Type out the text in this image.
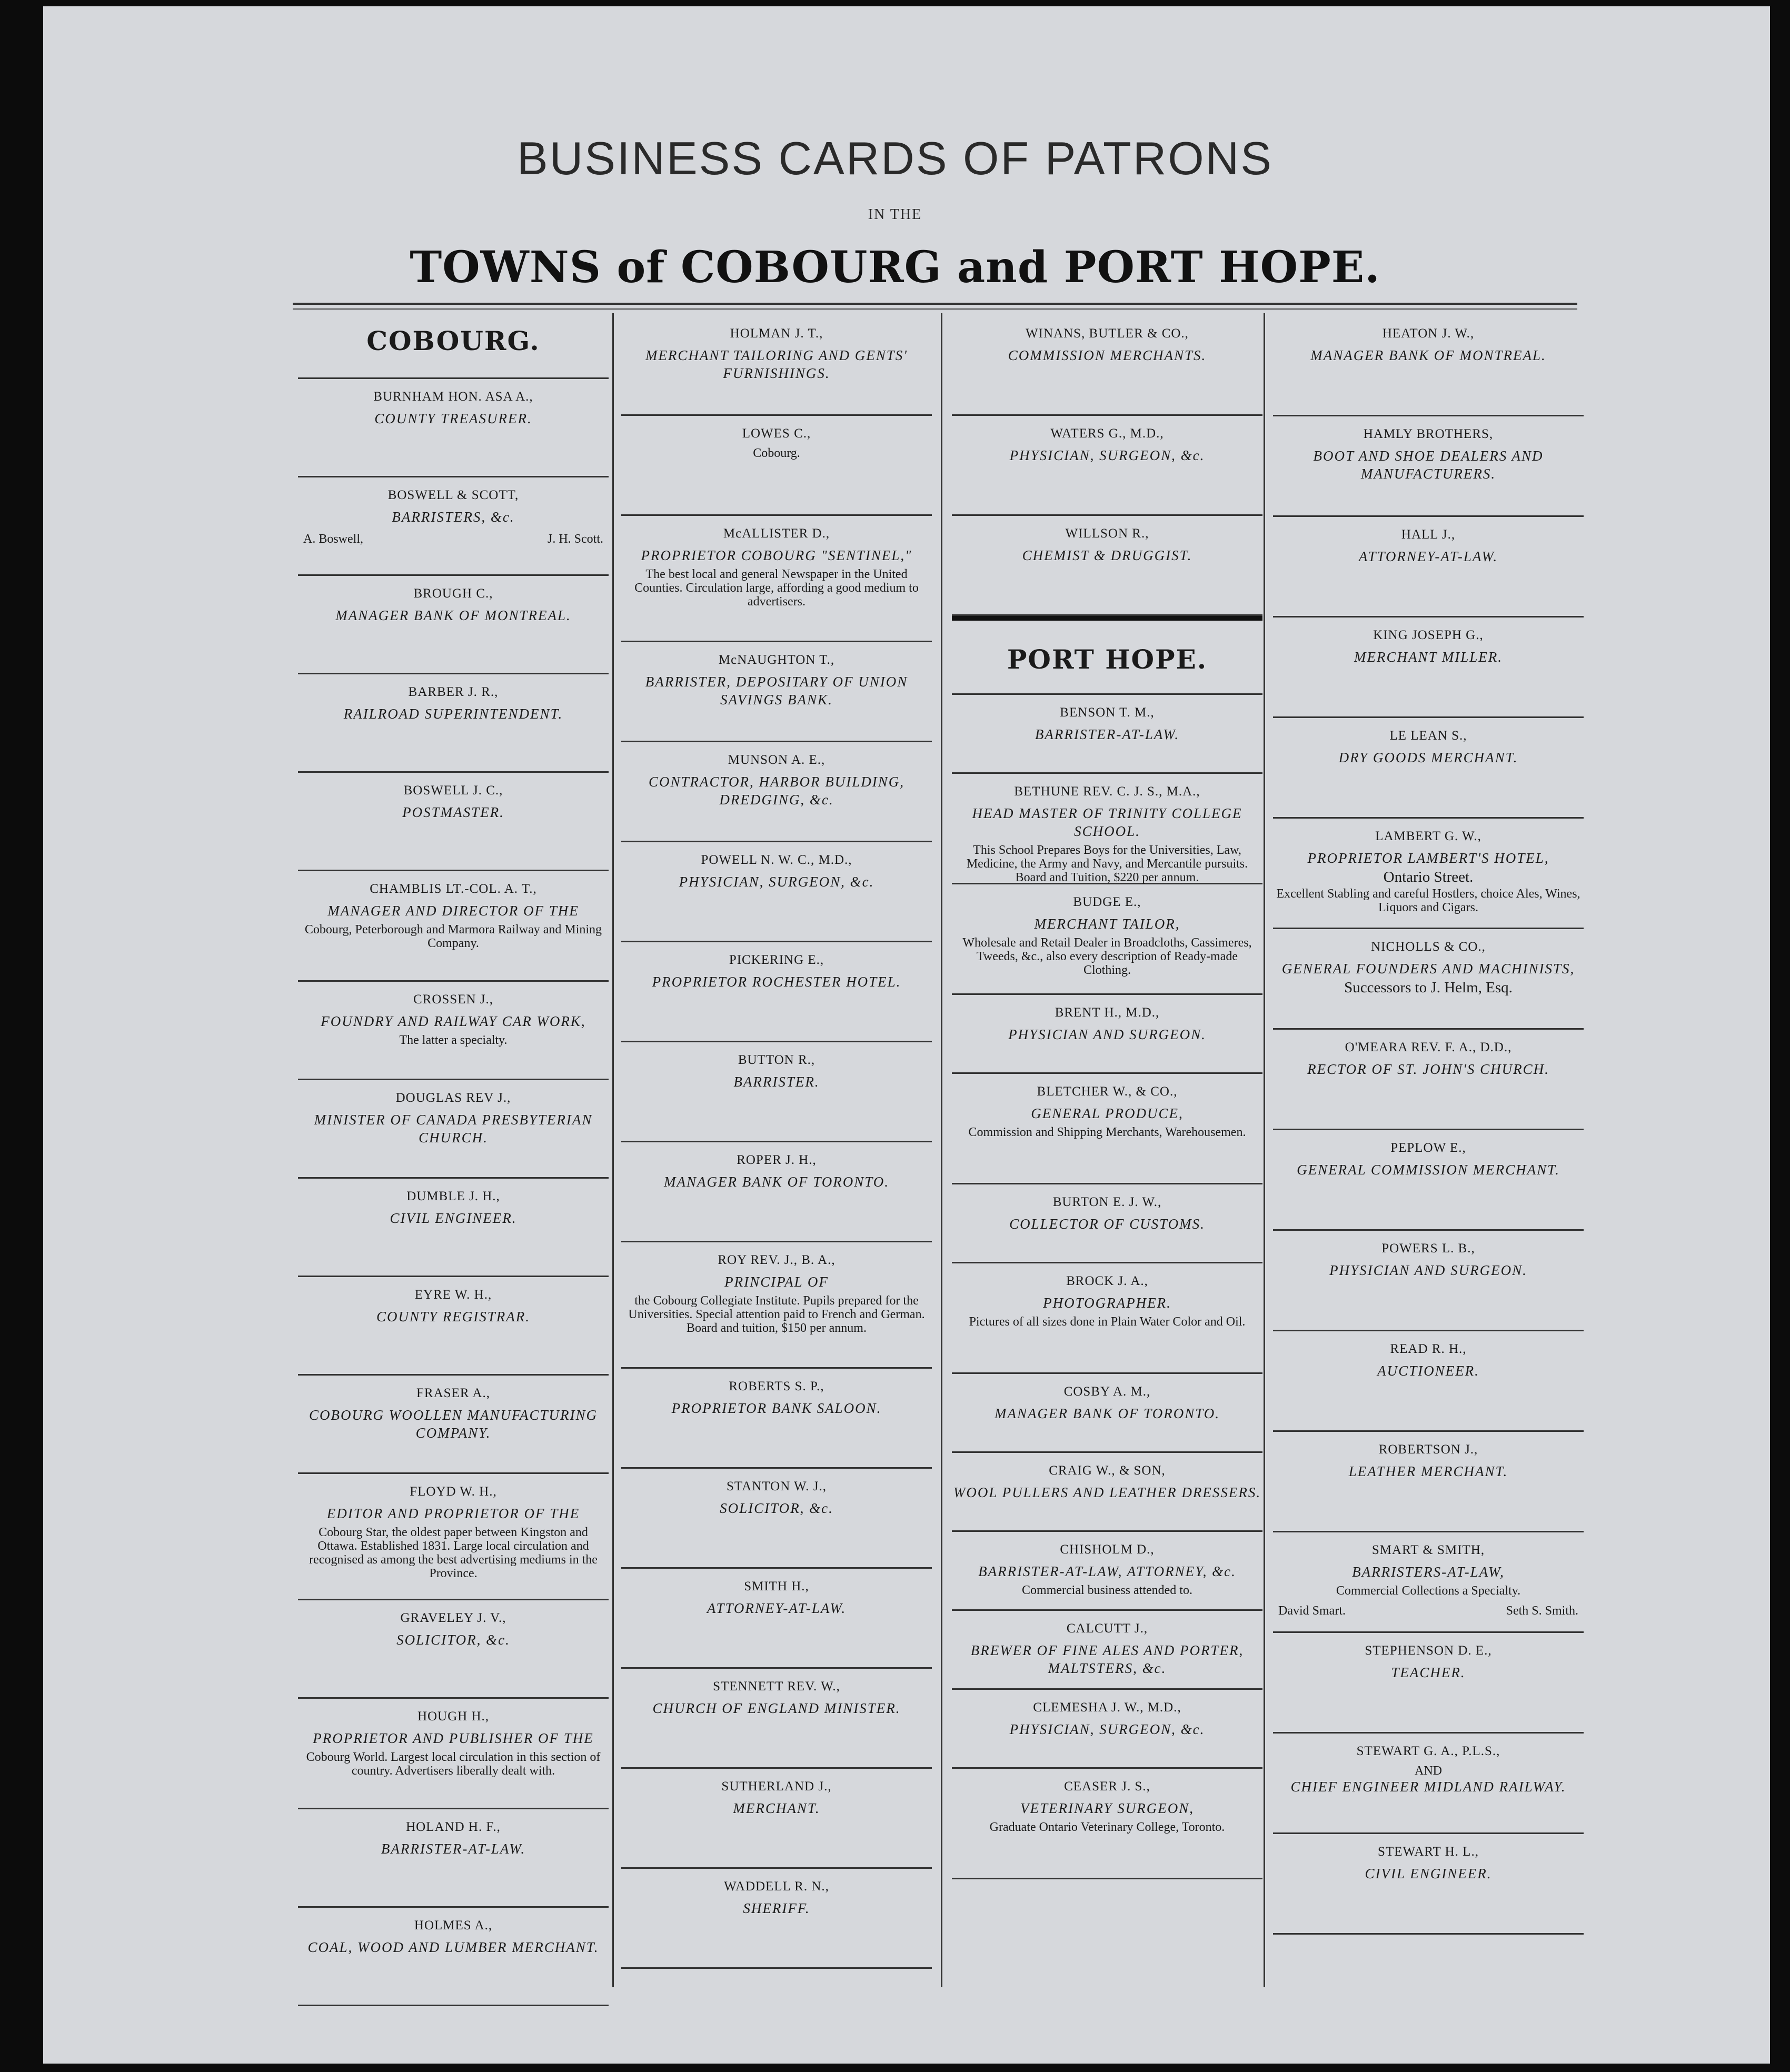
BUSINESS CARDS OF PATRONS
IN THE
TOWNS of COBOURG and PORT HOPE.
COBOURG.
BURNHAM HON. ASA A.,
COUNTY TREASURER.
BOSWELL & SCOTT,
BARRISTERS, &c.
A. Boswell,	J. H. Scott.
BROUGH C.,
MANAGER BANK OF MONTREAL.
BARBER J. R.,
RAILROAD SUPERINTENDENT.
BOSWELL J. C.,
POSTMASTER.
CHAMBLIS LT.-COL. A. T.,
MANAGER AND DIRECTOR OF THE
Cobourg, Peterborough and Marmora Railway and Mining Company.
CROSSEN J.,
FOUNDRY AND RAILWAY CAR WORK,
The latter a specialty.
DOUGLAS REV J.,
MINISTER OF CANADA PRESBYTERIAN CHURCH.
DUMBLE J. H.,
CIVIL ENGINEER.
EYRE W. H.,
COUNTY REGISTRAR.
FRASER A.,
COBOURG WOOLLEN MANUFACTURING COMPANY.
FLOYD W. H.,
EDITOR AND PROPRIETOR OF THE
Cobourg Star, the oldest paper between Kingston and Ottawa. Established 1831. Large local circulation and recognised as among the best advertising mediums in the Province.
GRAVELEY J. V.,
SOLICITOR, &c.
HOUGH H.,
PROPRIETOR AND PUBLISHER OF THE
Cobourg World. Largest local circulation in this section of country. Advertisers liberally dealt with.
HOLAND H. F.,
BARRISTER-AT-LAW.
HOLMES A.,
COAL, WOOD AND LUMBER MERCHANT.
HOLMAN J. T.,
MERCHANT TAILORING AND GENTS' FURNISHINGS.
LOWES C.,
Cobourg.
McALLISTER D.,
PROPRIETOR COBOURG "SENTINEL,"
The best local and general Newspaper in the United Counties. Circulation large, affording a good medium to advertisers.
McNAUGHTON T.,
BARRISTER, DEPOSITARY OF UNION SAVINGS BANK.
MUNSON A. E.,
CONTRACTOR, HARBOR BUILDING, DREDGING, &c.
POWELL N. W. C., M.D.,
PHYSICIAN, SURGEON, &c.
PICKERING E.,
PROPRIETOR ROCHESTER HOTEL.
BUTTON R.,
BARRISTER.
ROPER J. H.,
MANAGER BANK OF TORONTO.
ROY REV. J., B. A.,
PRINCIPAL OF
the Cobourg Collegiate Institute. Pupils prepared for the Universities. Special attention paid to French and German. Board and tuition, $150 per annum.
ROBERTS S. P.,
PROPRIETOR BANK SALOON.
STANTON W. J.,
SOLICITOR, &c.
SMITH H.,
ATTORNEY-AT-LAW.
STENNETT REV. W.,
CHURCH OF ENGLAND MINISTER.
SUTHERLAND J.,
MERCHANT.
WADDELL R. N.,
SHERIFF.
WINANS, BUTLER & CO.,
COMMISSION MERCHANTS.
WATERS G., M.D.,
PHYSICIAN, SURGEON, &c.
WILLSON R.,
CHEMIST & DRUGGIST.
PORT HOPE.
BENSON T. M.,
BARRISTER-AT-LAW.
BETHUNE REV. C. J. S., M.A.,
HEAD MASTER OF TRINITY COLLEGE SCHOOL.
This School Prepares Boys for the Universities, Law, Medicine, the Army and Navy, and Mercantile pursuits. Board and Tuition, $220 per annum.
BUDGE E.,
MERCHANT TAILOR,
Wholesale and Retail Dealer in Broadcloths, Cassimeres, Tweeds, &c., also every description of Ready-made Clothing.
BRENT H., M.D.,
PHYSICIAN AND SURGEON.
BLETCHER W., & CO.,
GENERAL PRODUCE,
Commission and Shipping Merchants, Warehousemen.
BURTON E. J. W.,
COLLECTOR OF CUSTOMS.
BROCK J. A.,
PHOTOGRAPHER.
Pictures of all sizes done in Plain Water Color and Oil.
COSBY A. M.,
MANAGER BANK OF TORONTO.
CRAIG W., & SON,
WOOL PULLERS AND LEATHER DRESSERS.
CHISHOLM D.,
BARRISTER-AT-LAW, ATTORNEY, &c.
Commercial business attended to.
CALCUTT J.,
BREWER OF FINE ALES AND PORTER, MALTSTERS, &c.
CLEMESHA J. W., M.D.,
PHYSICIAN, SURGEON, &c.
CEASER J. S.,
VETERINARY SURGEON,
Graduate Ontario Veterinary College, Toronto.
HEATON J. W.,
MANAGER BANK OF MONTREAL.
HAMLY BROTHERS,
BOOT AND SHOE DEALERS AND MANUFACTURERS.
HALL J.,
ATTORNEY-AT-LAW.
KING JOSEPH G.,
MERCHANT MILLER.
LE LEAN S.,
DRY GOODS MERCHANT.
LAMBERT G. W.,
PROPRIETOR LAMBERT'S HOTEL,
Ontario Street.
Excellent Stabling and careful Hostlers, choice Ales, Wines, Liquors and Cigars.
NICHOLLS & CO.,
GENERAL FOUNDERS AND MACHINISTS,
Successors to J. Helm, Esq.
O'MEARA REV. F. A., D.D.,
RECTOR OF ST. JOHN'S CHURCH.
PEPLOW E.,
GENERAL COMMISSION MERCHANT.
POWERS L. B.,
PHYSICIAN AND SURGEON.
READ R. H.,
AUCTIONEER.
ROBERTSON J.,
LEATHER MERCHANT.
SMART & SMITH,
BARRISTERS-AT-LAW,
Commercial Collections a Specialty.
David Smart.	Seth S. Smith.
STEPHENSON D. E.,
TEACHER.
STEWART G. A., P.L.S.,
AND
CHIEF ENGINEER MIDLAND RAILWAY.
STEWART H. L.,
CIVIL ENGINEER.
